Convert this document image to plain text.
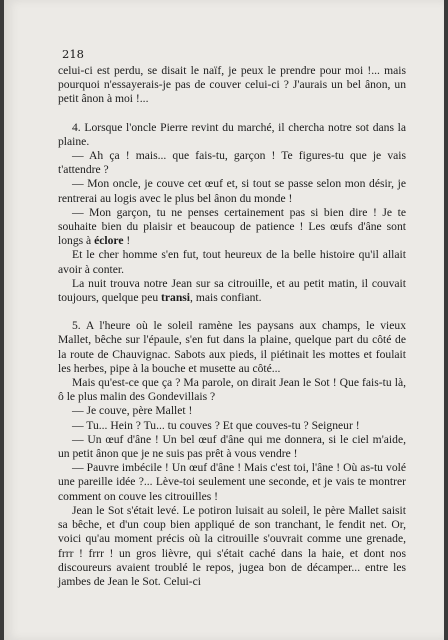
218

celui-ci est perdu, se disait le naïf, je peux le prendre pour moi !... mais pourquoi n'essayerais-je pas de couver celui-ci ? J'aurais un bel ânon, un petit ânon à moi !...

4. Lorsque l'oncle Pierre revint du marché, il chercha notre sot dans la plaine.

— Ah ça ! mais... que fais-tu, garçon ! Te figures-tu que je vais t'attendre ?

— Mon oncle, je couve cet œuf et, si tout se passe selon mon désir, je rentrerai au logis avec le plus bel ânon du monde !

— Mon garçon, tu ne penses certainement pas si bien dire ! Je te souhaite bien du plaisir et beaucoup de patience ! Les œufs d'âne sont longs à éclore !

Et le cher homme s'en fut, tout heureux de la belle histoire qu'il allait avoir à conter.

La nuit trouva notre Jean sur sa citrouille, et au petit matin, il couvait toujours, quelque peu transi, mais confiant.

5. A l'heure où le soleil ramène les paysans aux champs, le vieux Mallet, bêche sur l'épaule, s'en fut dans la plaine, quelque part du côté de la route de Chauvignac. Sabots aux pieds, il piétinait les mottes et foulait les herbes, pipe à la bouche et musette au côté...

Mais qu'est-ce que ça ? Ma parole, on dirait Jean le Sot ! Que fais-tu là, ô le plus malin des Gondevillais ?

— Je couve, père Mallet !

— Tu... Hein ? Tu... tu couves ? Et que couves-tu ? Seigneur !

— Un œuf d'âne ! Un bel œuf d'âne qui me donnera, si le ciel m'aide, un petit ânon que je ne suis pas prêt à vous vendre !

— Pauvre imbécile ! Un œuf d'âne ! Mais c'est toi, l'âne ! Où as-tu volé une pareille idée ?... Lève-toi seulement une seconde, et je vais te montrer comment on couve les citrouilles !

Jean le Sot s'était levé. Le potiron luisait au soleil, le père Mallet saisit sa bêche, et d'un coup bien appliqué de son tranchant, le fendit net. Or, voici qu'au moment précis où la citrouille s'ouvrait comme une grenade, frrr ! frrr ! un gros lièvre, qui s'était caché dans la haie, et dont nos discoureurs avaient troublé le repos, jugea bon de décamper... entre les jambes de Jean le Sot. Celui-ci
